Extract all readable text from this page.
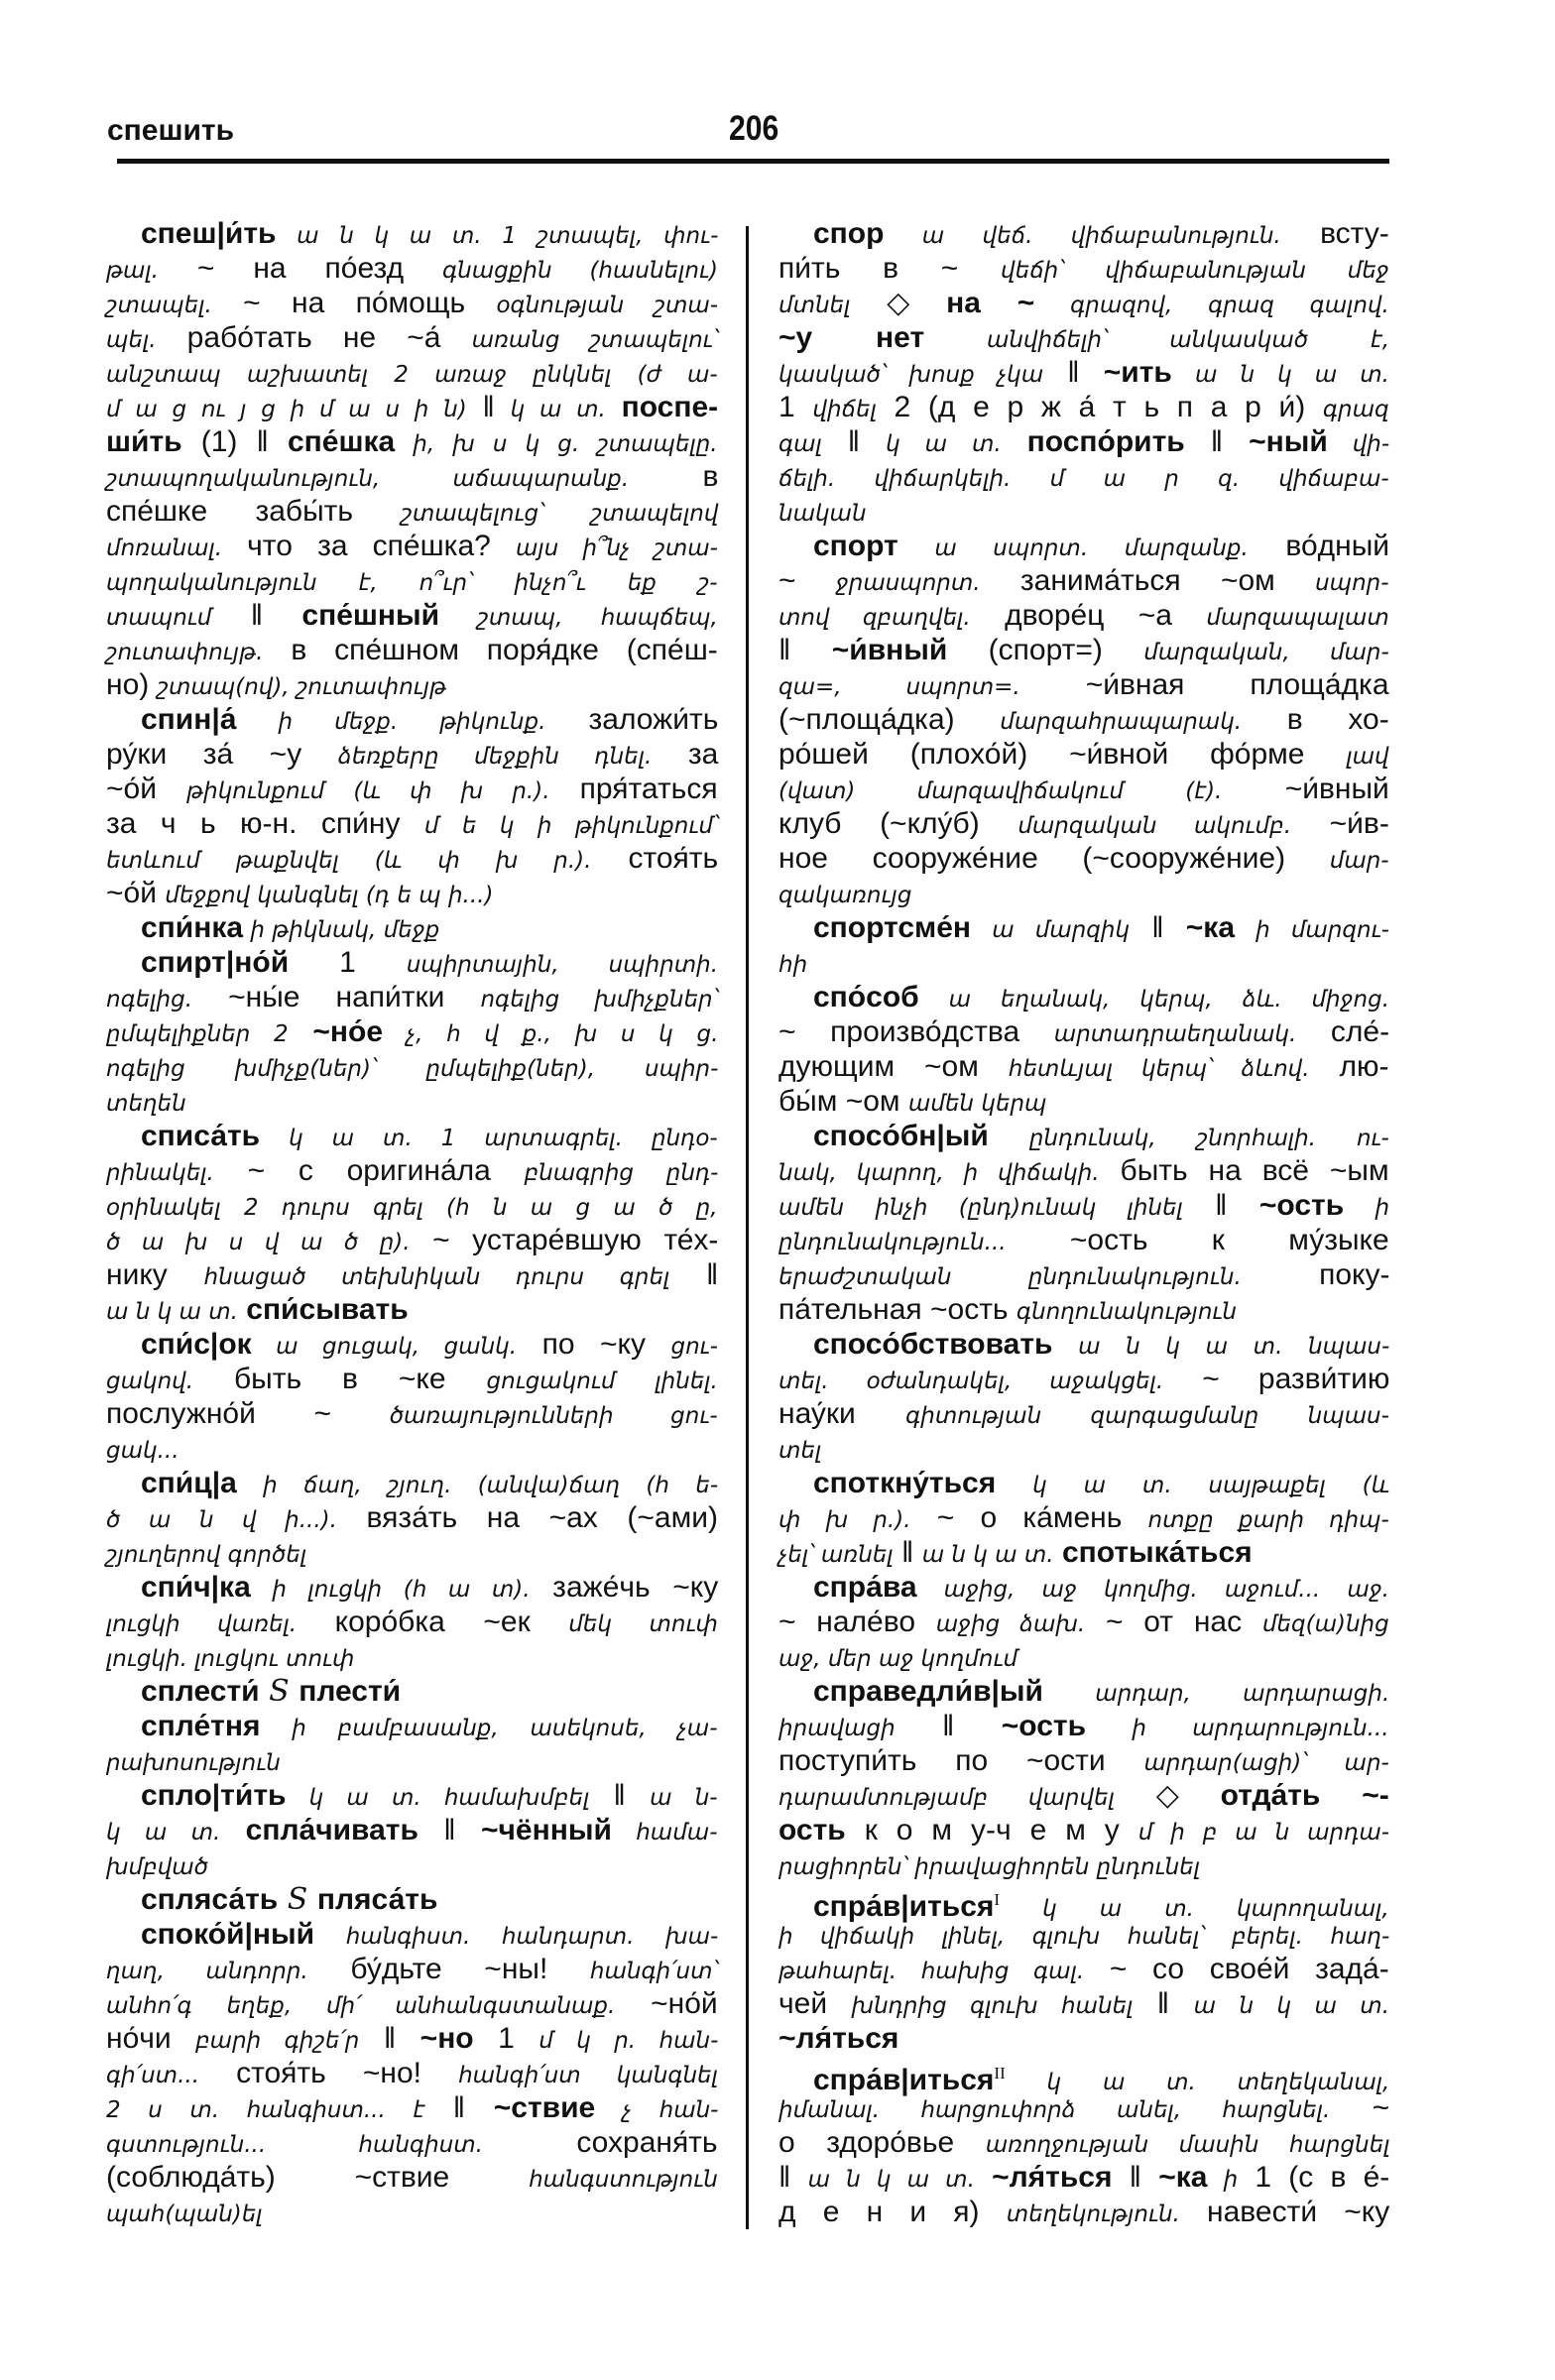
спешить	206
спеш|и́ть ա ն կ ա տ. 1 շտապել, փու-
թալ. ~ на по́езд գնացքին (հասնելու)
շտապել. ~ на по́мощь օգնության շտա-
պել. рабо́тать не ~а́ առանց շտապելու՝
անշտապ աշխատել 2 առաջ ընկնել (ժ ա-
մ ա ց ու յ ց ի մ ա ս ի ն) ‖ կ ա տ. поспе-
ши́ть (1) ‖ спе́шка ի, խ ս կ ց. շտապելը.
շտապողականություն, աճապարանք. в
спе́шке забы́ть շտապելուց՝ շտապելով
մոռանալ. что за спе́шка? այս ի՞նչ շտա-
պողականություն է, ո՞ւր՝ ինչո՞ւ եք շ-
տապում ‖ спе́шный շտապ, հապճեպ,
շուտափույթ. в спе́шном поря́дке (спе́ш-
но) շտապ(ով), շուտափույթ
спин|а́ ի մեջք. թիկունք. заложи́ть
ру́ки за́ ~у ձեռքերը մեջքին դնել. за
~о́й թիկունքում (և փ խ ր.). пря́таться
за ч ь ю-н. спи́ну մ ե կ ի թիկունքում՝
ետևում թաքնվել (և փ խ ր.). стоя́ть
~о́й մեջքով կանգնել (դ ե պ ի...)
спи́нка ի թիկնակ, մեջք
спирт|но́й 1 սպիրտային, սպիրտի.
ոգելից. ~ны́е напи́тки ոգելից խմիչքներ՝
ըմպելիքներ 2 ~но́е չ, հ վ ք., խ ս կ ց.
ոգելից խմիչք(ներ)՝ ըմպելիք(ներ), սպիր-
տեղեն
списа́ть կ ա տ. 1 արտագրել. ընդօ-
րինակել. ~ с оригина́ла բնագրից ընդ-
օրինակել 2 դուրս գրել (հ ն ա ց ա ծ ը,
ծ ա խ ս վ ա ծ ը). ~ устаре́вшую те́х-
нику հնացած տեխնիկան դուրս գրել ‖
ա ն կ ա տ. спи́сывать
спи́с|ок ա ցուցակ, ցանկ. по ~ку ցու-
ցակով. быть в ~ке ցուցակում լինել.
послужно́й ~ ծառայությունների ցու-
ցակ...
спи́ц|а ի ճաղ, շյուղ. (անվա)ճաղ (հ ե-
ծ ա ն վ ի...). вяза́ть на ~ах (~ами)
շյուղերով գործել
спи́ч|ка ի լուցկի (հ ա տ). заже́чь ~ку
լուցկի վառել. коро́бка ~ек մեկ տուփ
լուցկի. լուցկու տուփ
сплести́ S плести́
спле́тня ի բամբասանք, ասեկոսե, չա-
րախոսություն
спло|ти́ть կ ա տ. համախմբել ‖ ա ն-
կ ա տ. спла́чивать ‖ ~чённый համա-
խմբված
спляса́ть S пляса́ть
споко́й|ный հանգիստ. հանդարտ. խա-
ղաղ, անդորր. бу́дьте ~ны! հանգի՛ստ՝
անհո՛գ եղեք, մի՛ անհանգստանաք. ~но́й
но́чи բարի գիշե՛ր ‖ ~но 1 մ կ ր. հան-
գի՛ստ... стоя́ть ~но! հանգի՛ստ կանգնել
2 ս տ. հանգիստ... է ‖ ~ствие չ հան-
գստություն... հանգիստ. сохраня́ть
(соблюда́ть) ~ствие հանգստություն
պահ(պան)ել
спор ա վեճ. վիճաբանություն. всту-
пи́ть в ~ վեճի՝ վիճաբանության մեջ
մտնել ◇ на ~ գրազով, գրազ գալով.
~у нет անվիճելի՝ անկասկած է,
կասկած՝ խոսք չկա ‖ ~ить ա ն կ ա տ.
1 վիճել 2 (д е р ж а́ т ь п а р и́) գրազ
գալ ‖ կ ա տ. поспо́рить ‖ ~ный վի-
ճելի. վիճարկելի. մ ա ր զ. վիճաբա-
նական
спорт ա սպորտ. մարզանք. во́дный
~ ջրասպորտ. занима́ться ~ом սպոր-
տով զբաղվել. дворе́ц ~а մարզապալատ
‖ ~и́вный (спорт=) մարզական, մար-
զա=, սպորտ=. ~и́вная площа́дка
(~площа́дка) մարզահրապարակ. в хо-
ро́шей (плохо́й) ~и́вной фо́рме լավ
(վատ) մարզավիճակում (է). ~и́вный
клуб (~клу́б) մարզական ակումբ. ~и́в-
ное сооруже́ние (~сооруже́ние) մար-
զակառույց
спортсме́н ա մարզիկ ‖ ~ка ի մարզու-
հի
спо́соб ա եղանակ, կերպ, ձև. միջոց.
~ произво́дства արտադրաեղանակ. сле́-
дующим ~ом հետևյալ կերպ՝ ձևով. лю-
бы́м ~ом ամեն կերպ
спосо́бн|ый ընդունակ, շնորհալի. ու-
նակ, կարող, ի վիճակի. быть на всё ~ым
ամեն ինչի (ընդ)ունակ լինել ‖ ~ость ի
ընդունակություն... ~ость к му́зыке
երաժշտական ընդունակություն. поку-
па́тельная ~ость գնողունակություն
спосо́бствовать ա ն կ ա տ. նպաս-
տել. օժանդակել, աջակցել. ~ разви́тию
нау́ки գիտության զարգացմանը նպաս-
տել
споткну́ться կ ա տ. սայթաքել (և
փ խ ր.). ~ о ка́мень ոտքը քարի դիպ-
չել՝ առնել ‖ ա ն կ ա տ. спотыка́ться
спра́ва աջից, աջ կողմից. աջում... աջ.
~ нале́во աջից ձախ. ~ от нас մեզ(ա)նից
աջ, մեր աջ կողմում
справедли́в|ый արդար, արդարացի.
իրավացի ‖ ~ость ի արդարություն...
поступи́ть по ~ости արդար(ացի)՝ ար-
դարամտությամբ վարվել ◇ отда́ть ~-
ость к о м у-ч е м у մ ի բ ա ն արդա-
րացիորեն՝ իրավացիորեն ընդունել
спра́в|иться$^I$ կ ա տ. կարողանալ,
ի վիճակի լինել, գլուխ հանել՝ բերել. հաղ-
թահարել. հախից գալ. ~ со свое́й зада́-
чей խնդրից գլուխ հանել ‖ ա ն կ ա տ.
~ля́ться
спра́в|иться$^{II}$ կ ա տ. տեղեկանալ,
իմանալ. հարցուփորձ անել, հարցնել. ~
о здоро́вье առողջության մասին հարցնել
‖ ա ն կ ա տ. ~ля́ться ‖ ~ка ի 1 (с в е́-
д е н и я) տեղեկություն. навести́ ~ку
